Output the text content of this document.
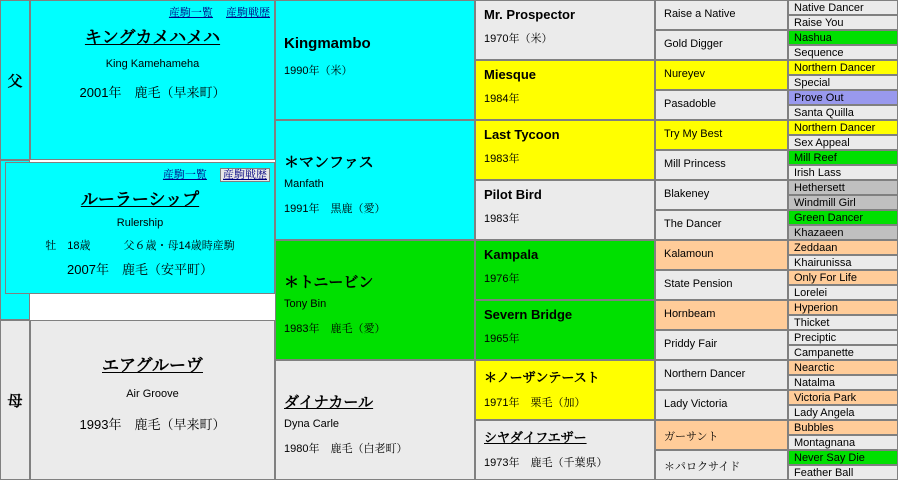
父
母
産駒一覧 産駒戦歴
キングカメハメハ
King Kamehameha
2001年　鹿毛（早来町）
産駒一覧 産駒戦歴
ルーラーシップ
Rulership
牡　18歳　　　父６歳・母14歳時産駒
2007年　鹿毛（安平町）
エアグルーヴ
Air Groove
1993年　鹿毛（早来町）
Kingmambo
1990年（米）
＊マンファス
Manfath
1991年　黒鹿（愛）
＊トニービン
Tony Bin
1983年　鹿毛（愛）
ダイナカール
Dyna Carle
1980年　鹿毛（白老町）
Mr. Prospector
1970年（米）
Miesque
1984年
Last Tycoon
1983年
Pilot Bird
1983年
Kampala
1976年
Severn Bridge
1965年
＊ノーザンテースト
1971年　栗毛（加）
シヤダイフエザー
1973年　鹿毛（千葉県）
Raise a Native
Gold Digger
Nureyev
Pasadoble
Try My Best
Mill Princess
Blakeney
The Dancer
Kalamoun
State Pension
Hornbeam
Priddy Fair
Northern Dancer
Lady Victoria
ガーサント
＊パロクサイド
Native Dancer
Raise You
Nashua
Sequence
Northern Dancer
Special
Prove Out
Santa Quilla
Northern Dancer
Sex Appeal
Mill Reef
Irish Lass
Hethersett
Windmill Girl
Green Dancer
Khazaeen
Zeddaan
Khairunissa
Only For Life
Lorelei
Hyperion
Thicket
Preciptic
Campanette
Nearctic
Natalma
Victoria Park
Lady Angela
Bubbles
Montagnana
Never Say Die
Feather Ball
